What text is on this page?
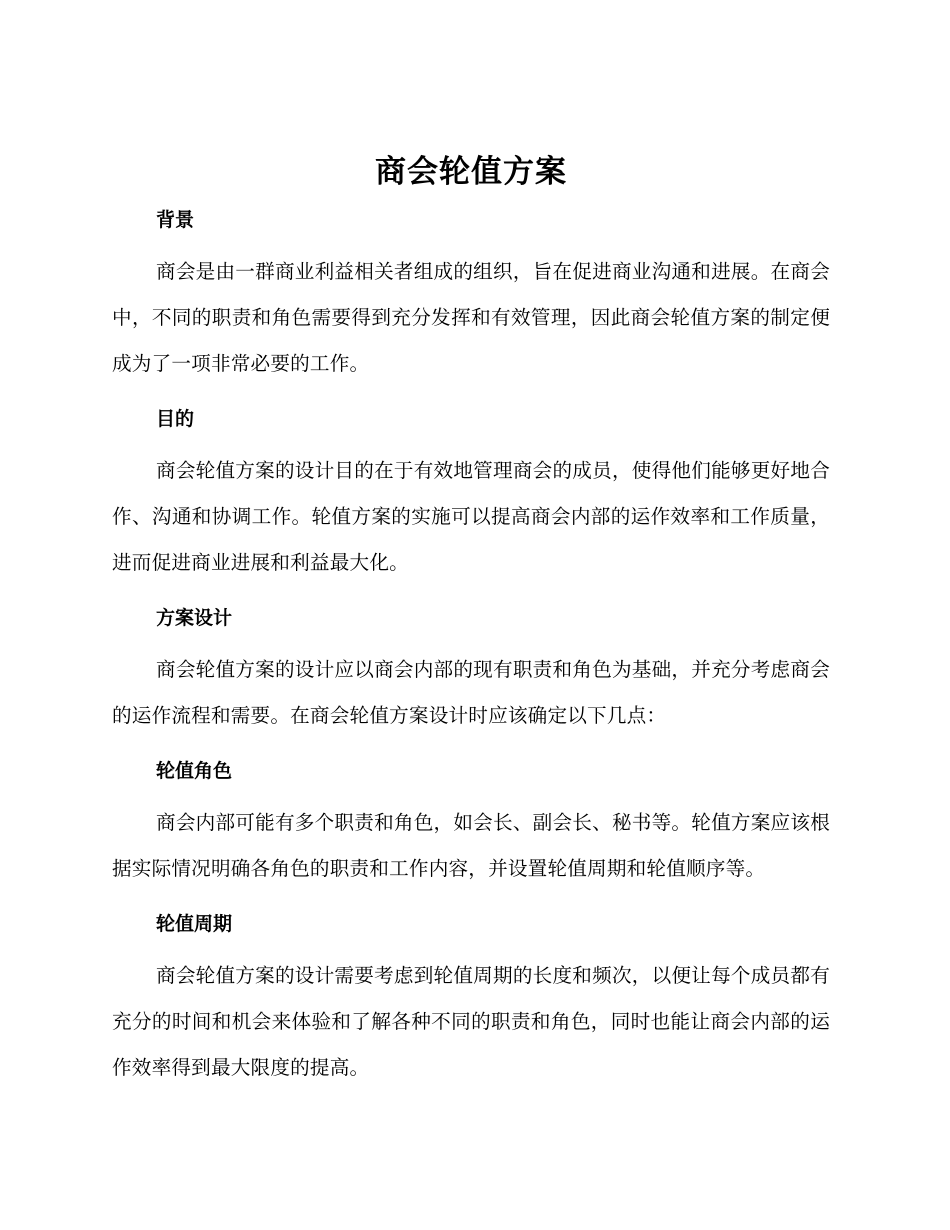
商会轮值方案
背景

商会是由一群商业利益相关者组成的组织，旨在促进商业沟通和进展。在商会中，不同的职责和角色需要得到充分发挥和有效管理，因此商会轮值方案的制定便成为了一项非常必要的工作。

目的

商会轮值方案的设计目的在于有效地管理商会的成员，使得他们能够更好地合作、沟通和协调工作。轮值方案的实施可以提高商会内部的运作效率和工作质量，进而促进商业进展和利益最大化。

方案设计

商会轮值方案的设计应以商会内部的现有职责和角色为基础，并充分考虑商会的运作流程和需要。在商会轮值方案设计时应该确定以下几点：

轮值角色

商会内部可能有多个职责和角色，如会长、副会长、秘书等。轮值方案应该根据实际情况明确各角色的职责和工作内容，并设置轮值周期和轮值顺序等。

轮值周期

商会轮值方案的设计需要考虑到轮值周期的长度和频次，以便让每个成员都有充分的时间和机会来体验和了解各种不同的职责和角色，同时也能让商会内部的运作效率得到最大限度的提高。
